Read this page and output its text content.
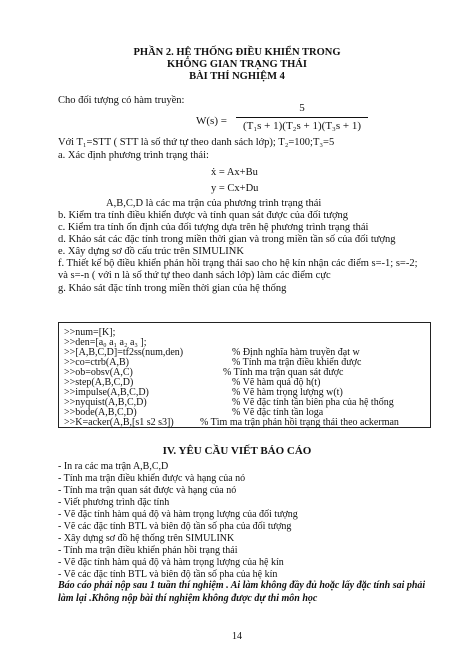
PHẦN 2. HỆ THỐNG ĐIỀU KHIỂN TRONG
KHÔNG GIAN TRẠNG THÁI
BÀI THÍ NGHIỆM 4
Cho đối tượng có hàm truyền:
W(s) =
5
(T₁s + 1)(T₂s + 1)(T₃s + 1)
Với T₁=STT ( STT là số thứ tự theo danh sách lớp); T₂=100;T₃=5
a. Xác định phương trình trạng thái:
ẋ = Ax+Bu
y = Cx+Du
A,B,C,D là các ma trận của phương trình trạng thái
b. Kiểm tra tính điều khiển được và tính quan sát được của đối tượng
c. Kiểm tra tính ổn định của đối tượng dựa trên hệ phương trình trạng thái
d. Khảo sát các đặc tính trong miền thời gian và trong miền tần số của đối tượng
e. Xây dựng sơ đồ cấu trúc trên SIMULINK
f. Thiết kế bộ điều khiển phản hồi trạng thái sao cho hệ kín nhận các điểm s=-1; s=-2;
và s=-n ( với n là số thứ tự theo danh sách lớp) làm các điểm cực
g. Khảo sát đặc tính trong miền thời gian của hệ thống
>>num=[K];
>>den=[a₀ a₁ a₂ a₃ ];
>>[A,B,C,D]=tf2ss(num,den)	% Định nghĩa hàm truyền đạt w
>>co=ctrb(A,B)	% Tính ma trận điều khiển được
>>ob=obsv(A,C)	% Tính ma trận quan sát được
>>step(A,B,C,D)	% Vẽ hàm quá độ h(t)
>>impulse(A,B,C,D)	% Vẽ hàm trọng lượng w(t)
>>nyquist(A,B,C,D)	% Vẽ đặc tính tần biên pha của hệ thống
>>bode(A,B,C,D)	% Vẽ đặc tính tần loga
>>K=acker(A,B,[s1 s2 s3])	% Tìm ma trận phản hồi trạng thái theo ackerman
IV. YÊU CẦU VIẾT BÁO CÁO
- In ra các ma trận A,B,C,D
- Tính ma trận điều khiển được và hạng của nó
- Tính ma trận quan sát được và hạng của nó
- Viết phương trình đặc tính
- Vẽ đặc tính hàm quá độ và hàm trọng lượng của đối tượng
- Vẽ các đặc tính BTL và biên độ tần số pha của đối tượng
- Xây dựng sơ đồ hệ thống trên SIMULINK
- Tính ma trận điều khiển phản hồi trạng thái
- Vẽ đặc tính hàm quá độ và hàm trọng lượng của hệ kín
- Vẽ các đặc tính BTL và biên độ tần số pha của hệ kín
Báo cáo phải nộp sau 1 tuần thí nghiệm . Ai làm không đầy đủ hoặc lấy đặc tính sai phải làm lại .Không nộp bài thí nghiệm không được dự thi môn học
14
